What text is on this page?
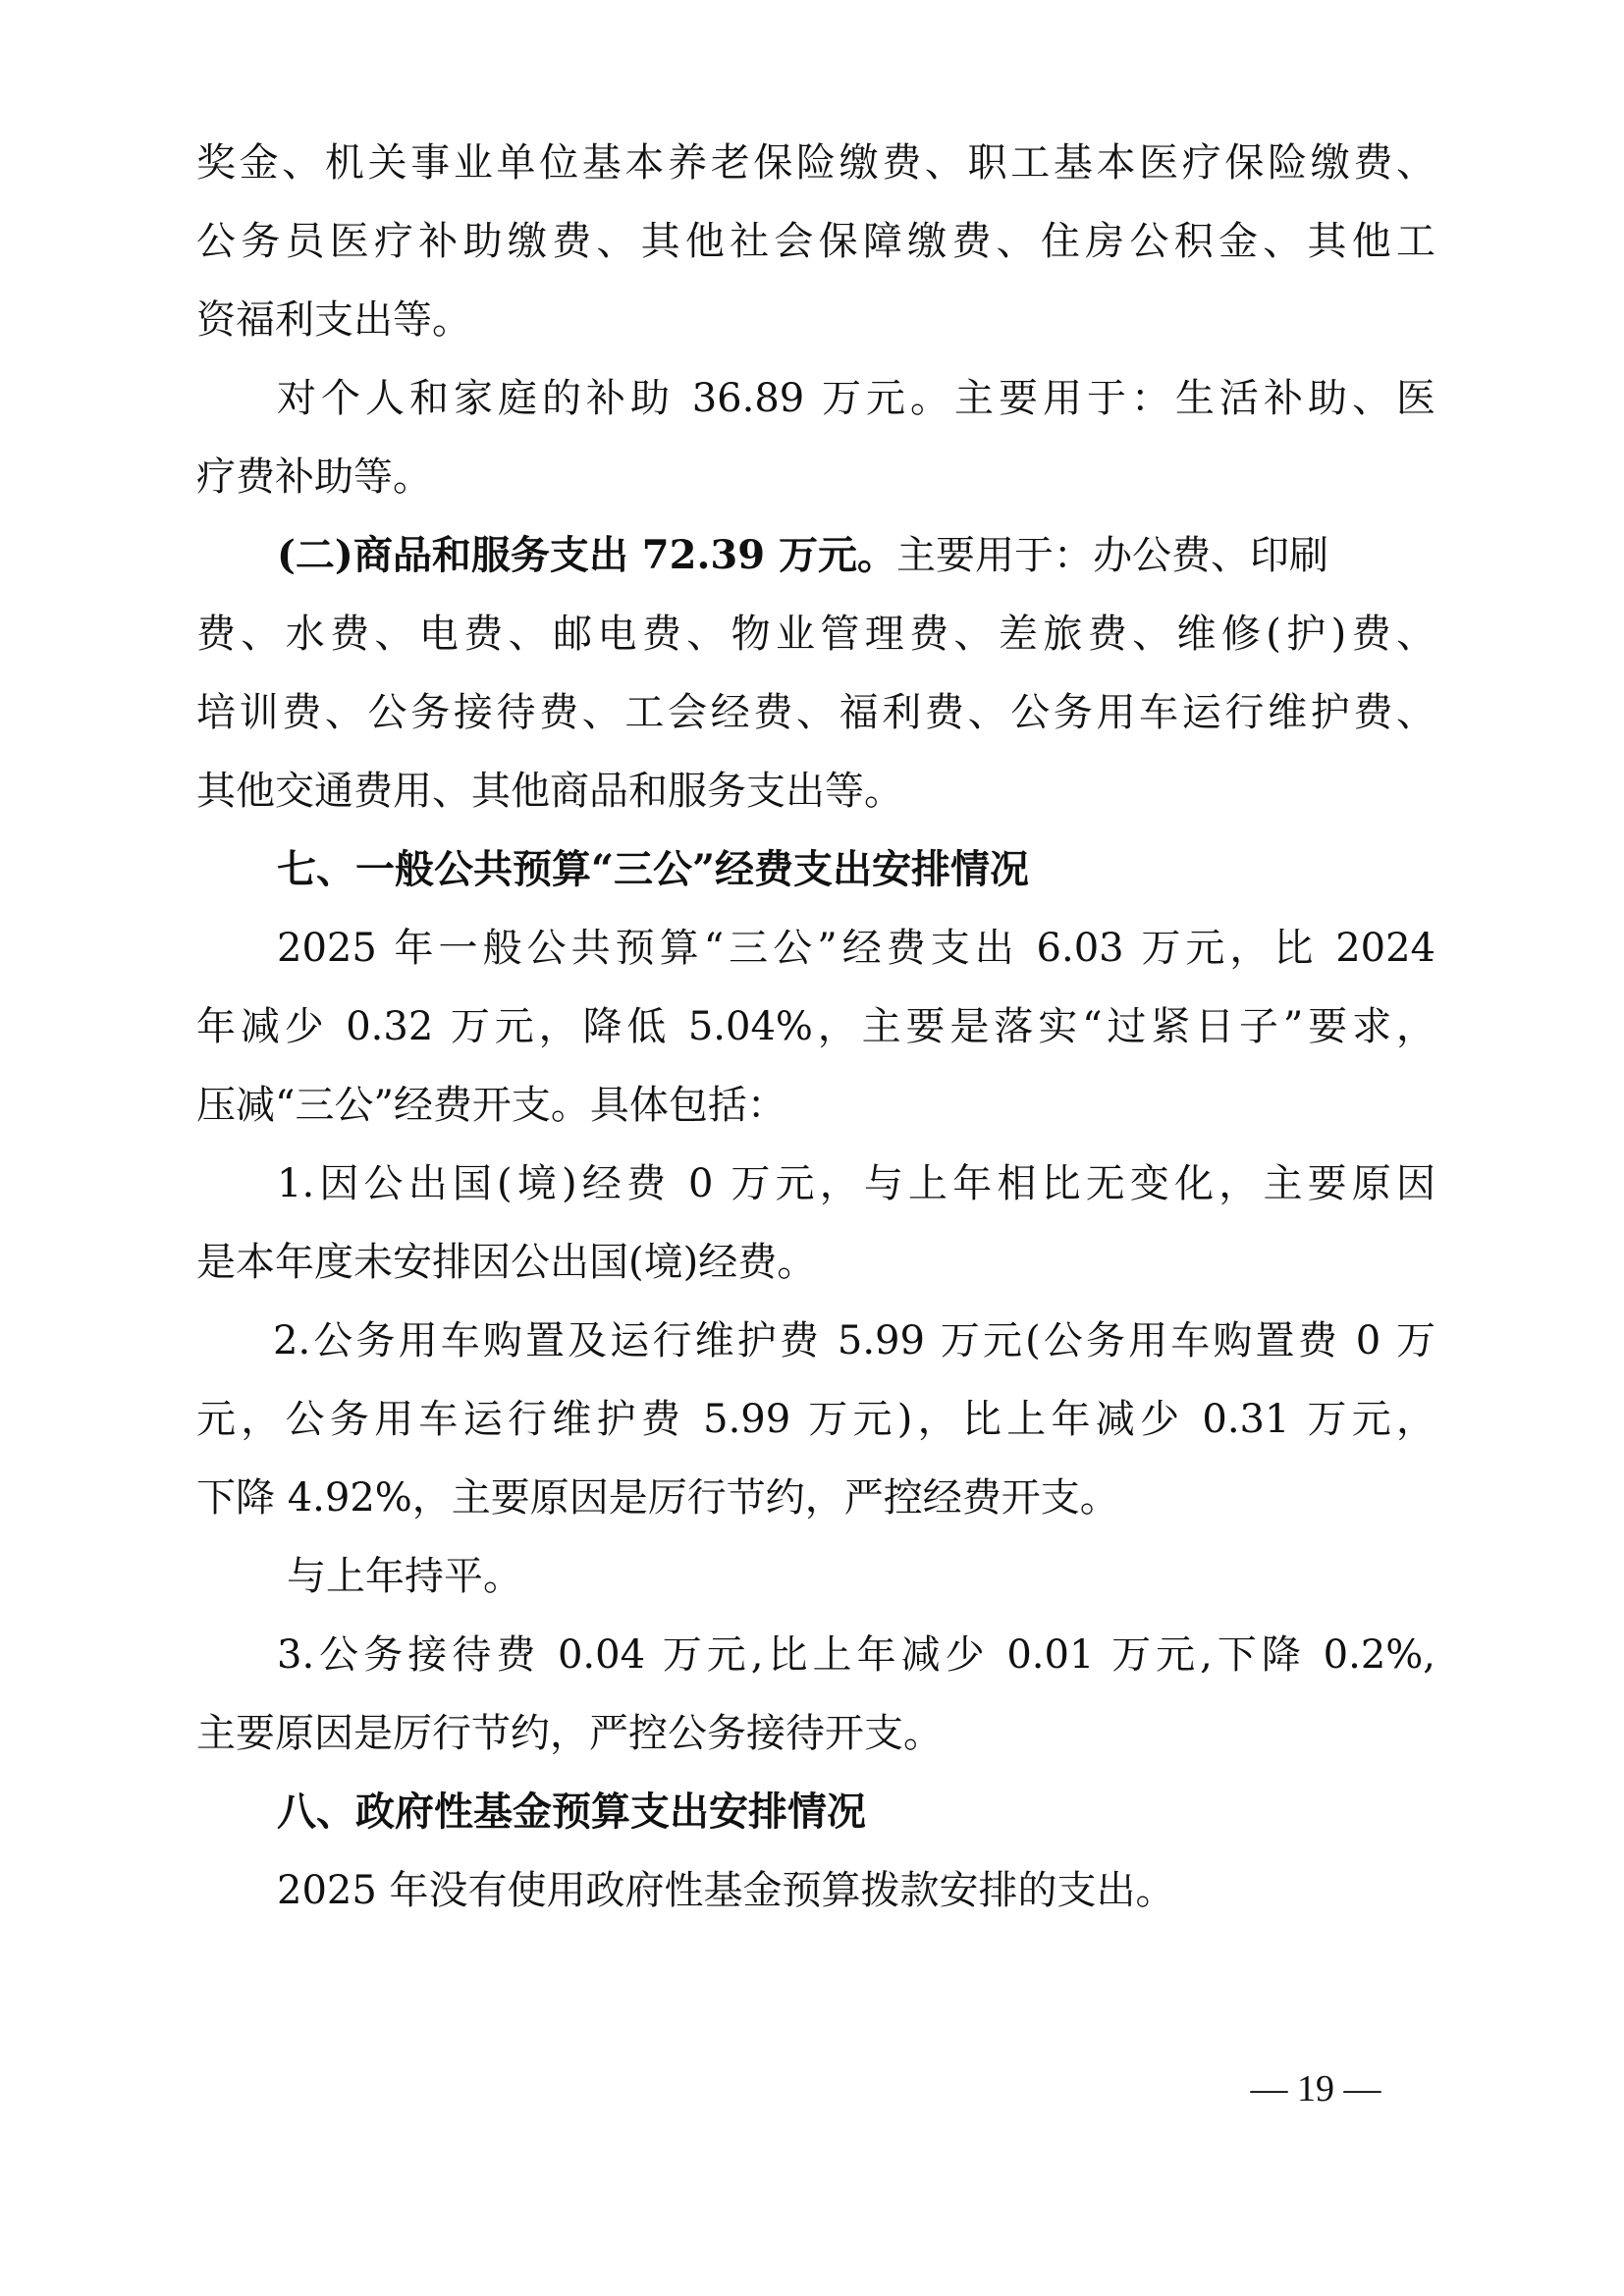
奖金、机关事业单位基本养老保险缴费、职工基本医疗保险缴费、
公务员医疗补助缴费、其他社会保障缴费、住房公积金、其他工
资福利支出等。
对个人和家庭的补助 36.89 万元。主要用于：生活补助、医
疗费补助等。
(二)商品和服务支出 72.39 万元。主要用于：办公费、印刷
费、水费、电费、邮电费、物业管理费、差旅费、维修(护)费、
培训费、公务接待费、工会经费、福利费、公务用车运行维护费、
其他交通费用、其他商品和服务支出等。
七、一般公共预算“三公”经费支出安排情况
2025 年一般公共预算“三公”经费支出 6.03 万元，比 2024
年减少 0.32 万元，降低 5.04%，主要是落实“过紧日子”要求，
压减“三公”经费开支。具体包括：
1.因公出国(境)经费 0 万元，与上年相比无变化，主要原因
是本年度未安排因公出国(境)经费。
2.公务用车购置及运行维护费 5.99 万元(公务用车购置费 0 万
元，公务用车运行维护费 5.99 万元)，比上年减少 0.31 万元，
下降 4.92%，主要原因是厉行节约，严控经费开支。
与上年持平。
3.公务接待费 0.04 万元,比上年减少 0.01 万元,下降 0.2%,
主要原因是厉行节约，严控公务接待开支。
八、政府性基金预算支出安排情况
2025 年没有使用政府性基金预算拨款安排的支出。
— 19 —
